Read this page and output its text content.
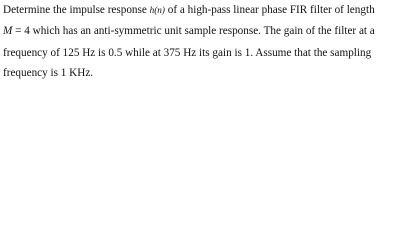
Determine the impulse response h(n) of a high-pass linear phase FIR filter of length
M = 4 which has an anti-symmetric unit sample response. The gain of the filter at a
frequency of 125 Hz is 0.5 while at 375 Hz its gain is 1. Assume that the sampling
frequency is 1 KHz.
